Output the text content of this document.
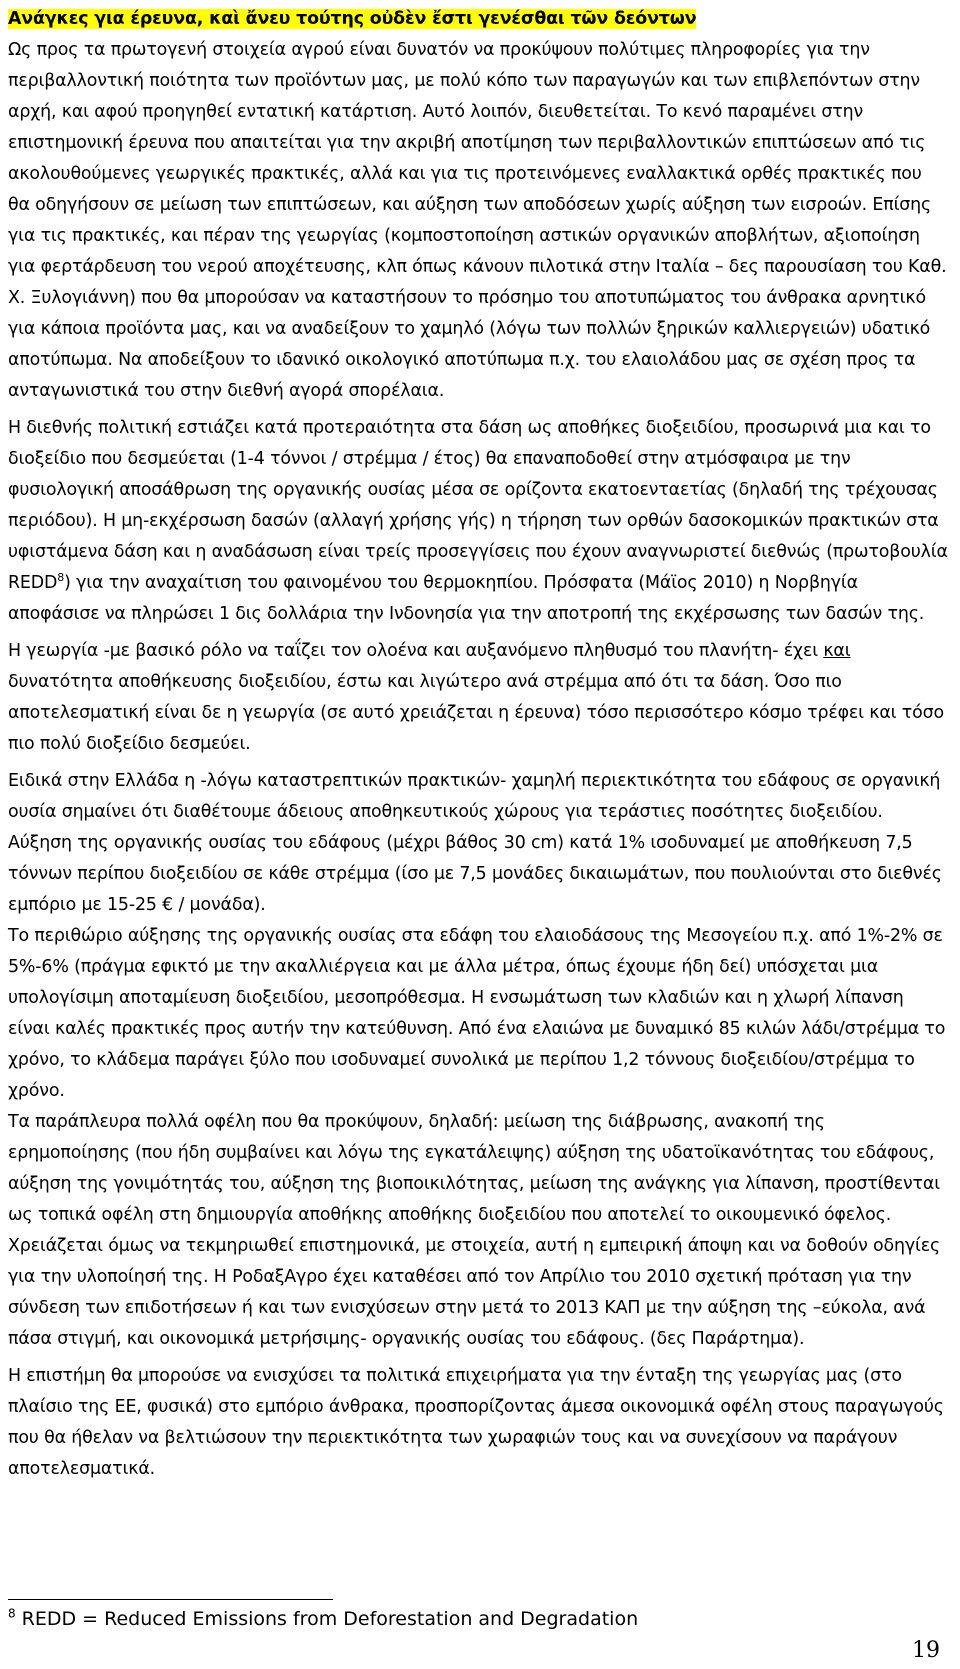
Ανάγκες για έρευνα, καὶ ἄνευ τούτης οὐδὲν ἔστι γενέσθαι τῶν δεόντων

Ως προς τα πρωτογενή στοιχεία αγρού είναι δυνατόν να προκύψουν πολύτιμες πληροφορίες για την περιβαλλοντική ποιότητα των προϊόντων μας, με πολύ κόπο των παραγωγών και των επιβλεπόντων στην αρχή, και αφού προηγηθεί εντατική κατάρτιση. Αυτό λοιπόν, διευθετείται. Το κενό παραμένει στην επιστημονική έρευνα που απαιτείται για την ακριβή αποτίμηση των περιβαλλοντικών επιπτώσεων από τις ακολουθούμενες γεωργικές πρακτικές, αλλά και για τις προτεινόμενες εναλλακτικά ορθές πρακτικές που θα οδηγήσουν σε μείωση των επιπτώσεων, και αύξηση των αποδόσεων χωρίς αύξηση των εισροών. Επίσης για τις πρακτικές, και πέραν της γεωργίας (κομποστοποίηση αστικών οργανικών αποβλήτων, αξιοποίηση για φερτάρδευση του νερού αποχέτευσης, κλπ όπως κάνουν πιλοτικά στην Ιταλία – δες παρουσίαση του Καθ. Χ. Ξυλογιάννη) που θα μπορούσαν να καταστήσουν το πρόσημο του αποτυπώματος του άνθρακα αρνητικό για κάποια προϊόντα μας, και να αναδείξουν το χαμηλό (λόγω των πολλών ξηρικών καλλιεργειών) υδατικό αποτύπωμα. Να αποδείξουν το ιδανικό οικολογικό αποτύπωμα π.χ. του ελαιολάδου μας σε σχέση προς τα ανταγωνιστικά του στην διεθνή αγορά σπορέλαια.

Η διεθνής πολιτική εστιάζει κατά προτεραιότητα στα δάση ως αποθήκες διοξειδίου, προσωρινά μια και το διοξείδιο που δεσμεύεται (1-4 τόννοι / στρέμμα / έτος) θα επαναποδοθεί στην ατμόσφαιρα με την φυσιολογική αποσάθρωση της οργανικής ουσίας μέσα σε ορίζοντα εκατοενταετίας (δηλαδή της τρέχουσας περιόδου). Η μη-εκχέρσωση δασών (αλλαγή χρήσης γής) η τήρηση των ορθών δασοκομικών πρακτικών στα υφιστάμενα δάση και η αναδάσωση είναι τρείς προσεγγίσεις που έχουν αναγνωριστεί διεθνώς (πρωτοβουλία REDD$^8$) για την αναχαίτιση του φαινομένου του θερμοκηπίου. Πρόσφατα (Μάϊος 2010) η Νορβηγία αποφάσισε να πληρώσει 1 δις δολλάρια την Ινδονησία για την αποτροπή της εκχέρσωσης των δασών της.

Η γεωργία -με βασικό ρόλο να ταΐζει τον ολοένα και αυξανόμενο πληθυσμό του πλανήτη- έχει και δυνατότητα αποθήκευσης διοξειδίου, έστω και λιγώτερο ανά στρέμμα από ότι τα δάση. Όσο πιο αποτελεσματική είναι δε η γεωργία (σε αυτό χρειάζεται η έρευνα) τόσο περισσότερο κόσμο τρέφει και τόσο πιο πολύ διοξείδιο δεσμεύει.

Ειδικά στην Ελλάδα η -λόγω καταστρεπτικών πρακτικών- χαμηλή περιεκτικότητα του εδάφους σε οργανική ουσία σημαίνει ότι διαθέτουμε άδειους αποθηκευτικούς χώρους για τεράστιες ποσότητες διοξειδίου. Αύξηση της οργανικής ουσίας του εδάφους (μέχρι βάθος 30 cm) κατά 1% ισοδυναμεί με αποθήκευση 7,5 τόννων περίπου διοξειδίου σε κάθε στρέμμα (ίσο με 7,5 μονάδες δικαιωμάτων, που πουλιούνται στο διεθνές εμπόριο με 15-25 € / μονάδα).

Το περιθώριο αύξησης της οργανικής ουσίας στα εδάφη του ελαιοδάσους της Μεσογείου π.χ. από 1%-2% σε 5%-6% (πράγμα εφικτό με την ακαλλιέργεια και με άλλα μέτρα, όπως έχουμε ήδη δεί) υπόσχεται μια υπολογίσιμη αποταμίευση διοξειδίου, μεσοπρόθεσμα. Η ενσωμάτωση των κλαδιών και η χλωρή λίπανση είναι καλές πρακτικές προς αυτήν την κατεύθυνση. Από ένα ελαιώνα με δυναμικό 85 κιλών λάδι/στρέμμα το χρόνο, το κλάδεμα παράγει ξύλο που ισοδυναμεί συνολικά με περίπου 1,2 τόννους διοξειδίου/στρέμμα το χρόνο.

Τα παράπλευρα πολλά οφέλη που θα προκύψουν, δηλαδή: μείωση της διάβρωσης, ανακοπή της ερημοποίησης (που ήδη συμβαίνει και λόγω της εγκατάλειψης) αύξηση της υδατοϊκανότητας του εδάφους, αύξηση της γονιμότητάς του, αύξηση της βιοποικιλότητας, μείωση της ανάγκης για λίπανση, προστίθενται ως τοπικά οφέλη στη δημιουργία αποθήκης αποθήκης διοξειδίου που αποτελεί το οικουμενικό όφελος. Χρειάζεται όμως να τεκμηριωθεί επιστημονικά, με στοιχεία, αυτή η εμπειρική άποψη και να δοθούν οδηγίες για την υλοποίησή της. Η ΡοδαξΑγρο έχει καταθέσει από τον Απρίλιο του 2010 σχετική πρόταση για την σύνδεση των επιδοτήσεων ή και των ενισχύσεων στην μετά το 2013 ΚΑΠ με την αύξηση της –εύκολα, ανά πάσα στιγμή, και οικονομικά μετρήσιμης- οργανικής ουσίας του εδάφους. (δες Παράρτημα).

Η επιστήμη θα μπορούσε να ενισχύσει τα πολιτικά επιχειρήματα για την ένταξη της γεωργίας μας (στο πλαίσιο της ΕΕ, φυσικά) στο εμπόριο άνθρακα, προσπορίζοντας άμεσα οικονομικά οφέλη στους παραγωγούς που θα ήθελαν να βελτιώσουν την περιεκτικότητα των χωραφιών τους και να συνεχίσουν να παράγουν αποτελεσματικά.

$^8$ REDD = Reduced Emissions from Deforestation and Degradation
19
